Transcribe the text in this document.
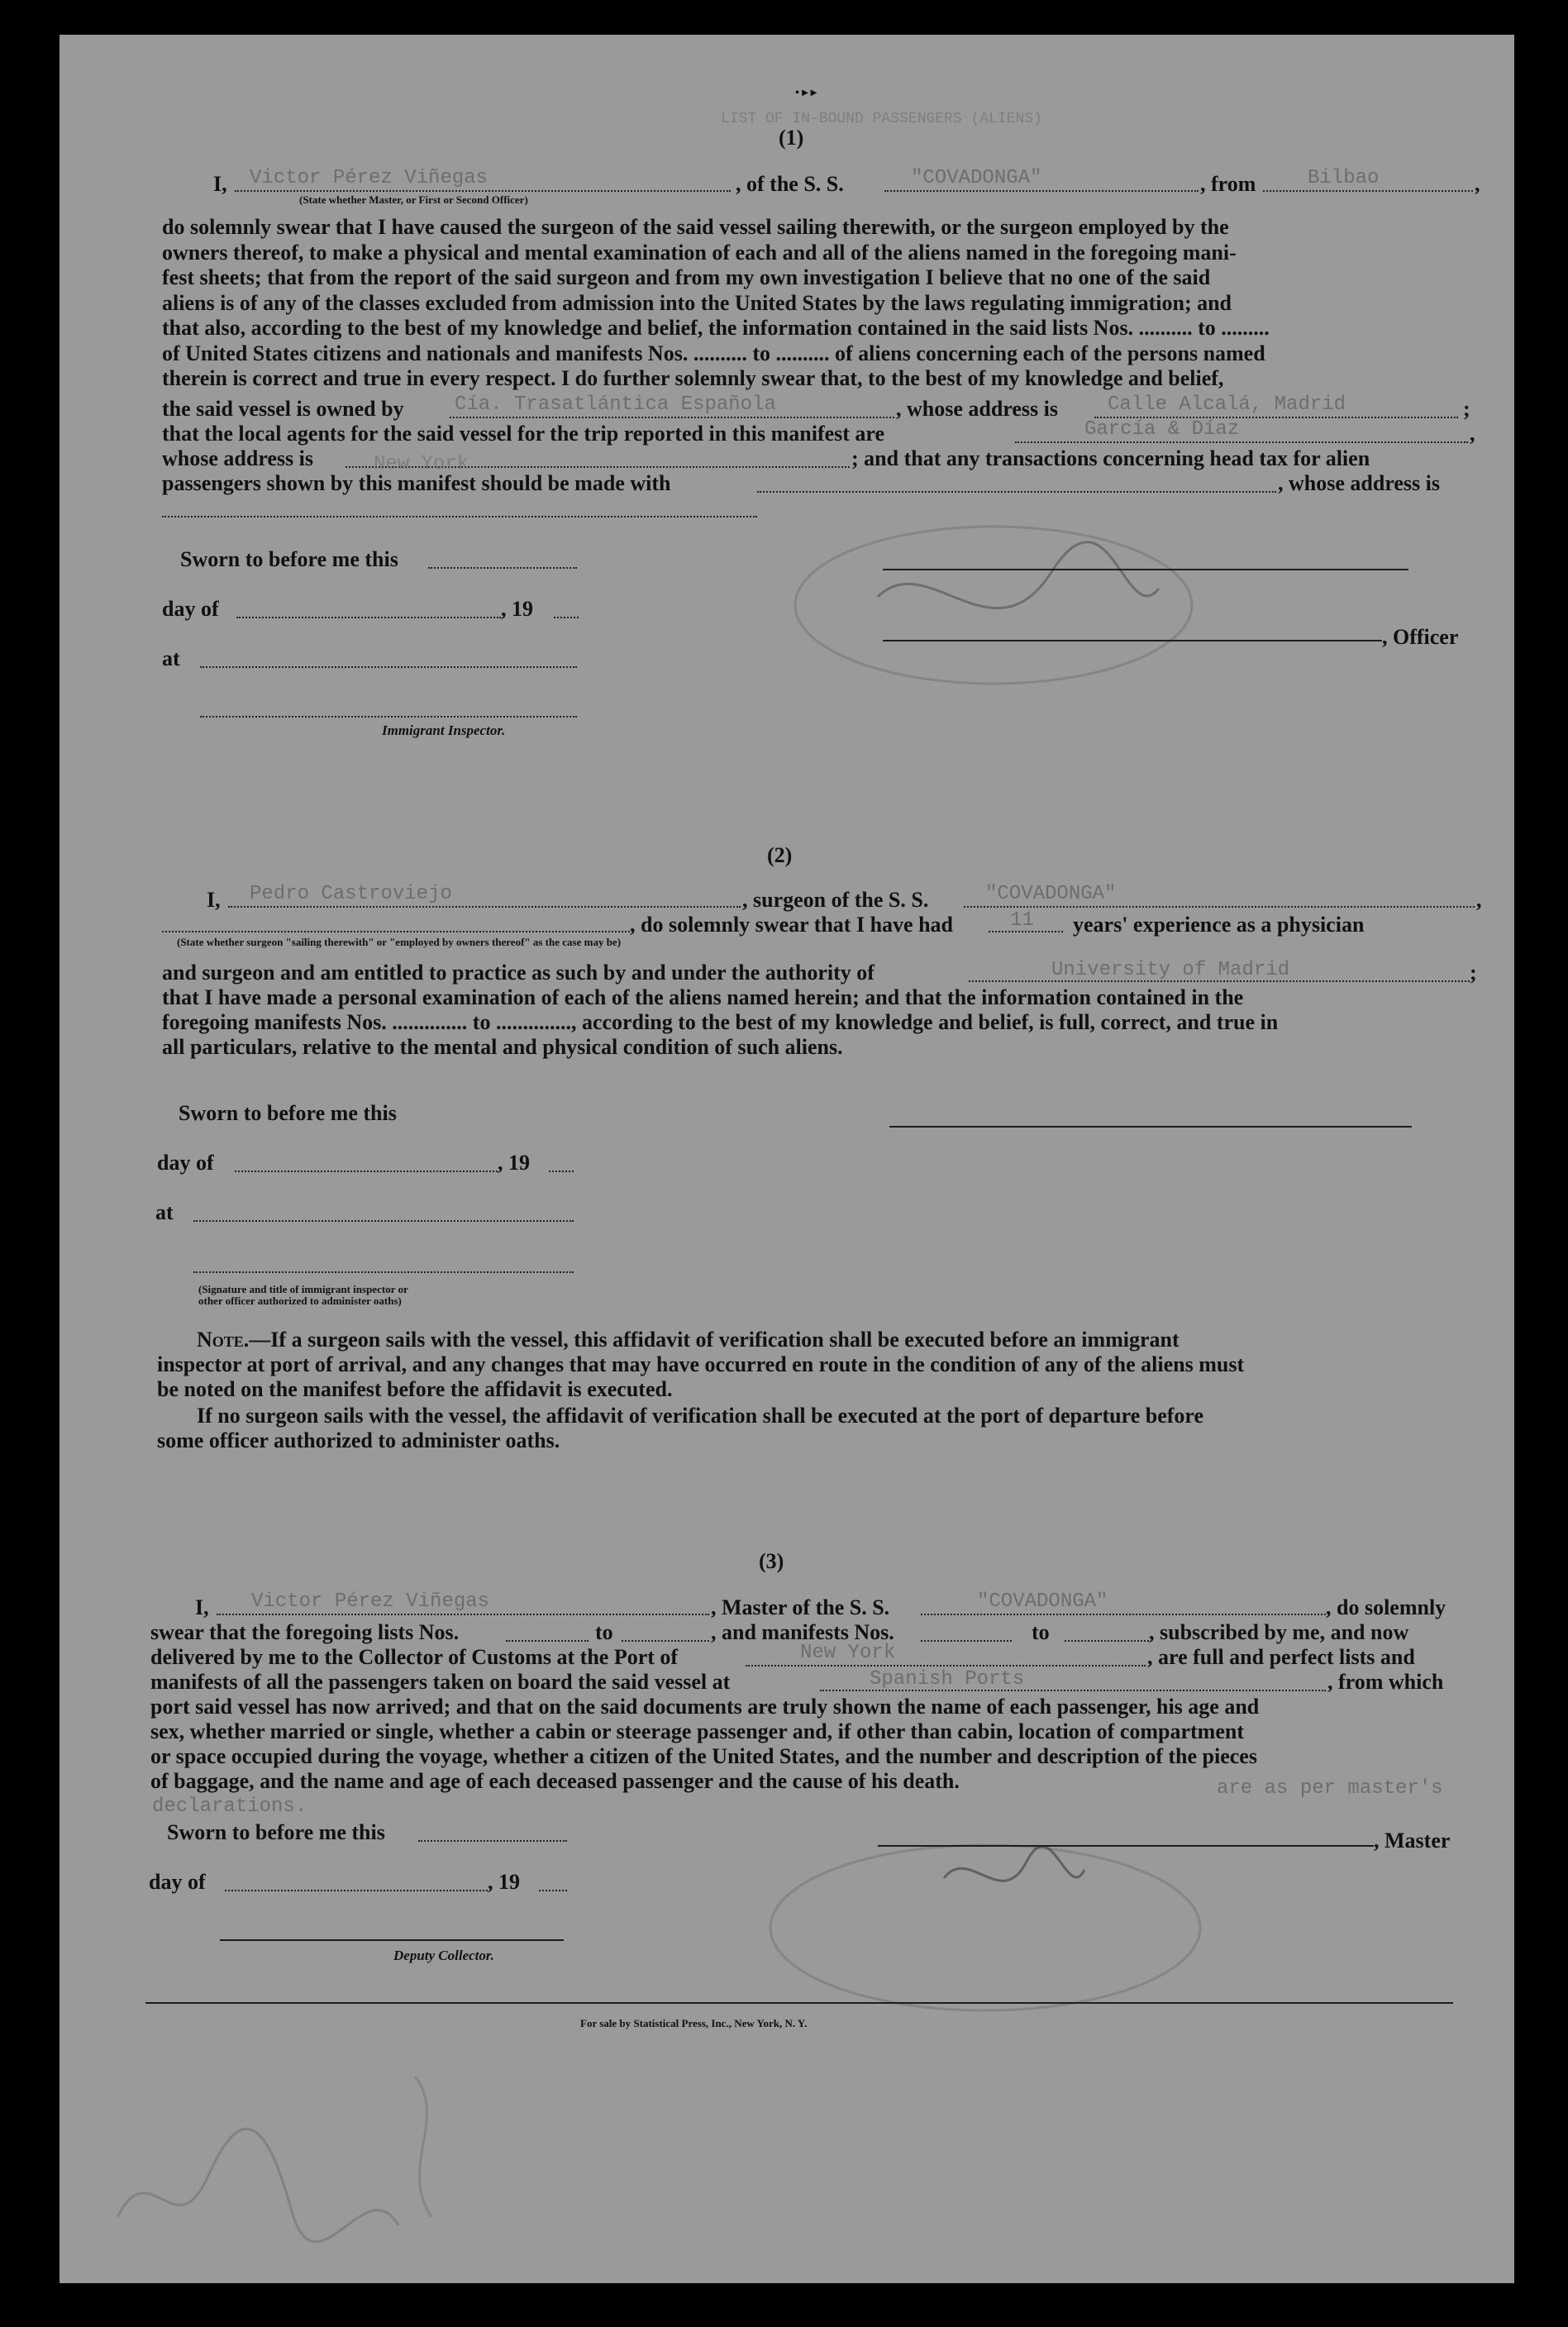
• ▸ ▸
LIST OF IN-BOUND PASSENGERS (ALIENS)
(1)
I, Victor Pérez Viñegas
(State whether Master, or First or Second Officer)
, of the S. S.	"COVADONGA"	, from	Bilbao	,
do solemnly swear that I have caused the surgeon of the said vessel sailing therewith, or the surgeon employed by the
owners thereof, to make a physical and mental examination of each and all of the aliens named in the foregoing mani-
fest sheets; that from the report of the said surgeon and from my own investigation I believe that no one of the said
aliens is of any of the classes excluded from admission into the United States by the laws regulating immigration; and
that also, according to the best of my knowledge and belief, the information contained in the said lists Nos. .......... to .........
of United States citizens and nationals and manifests Nos. .......... to .......... of aliens concerning each of the persons named
therein is correct and true in every respect. I do further solemnly swear that, to the best of my knowledge and belief,
the said vessel is owned by	Cía. Trasatlántica Española	, whose address is Calle Alcalá, Madrid	;
that the local agents for the said vessel for the trip reported in this manifest are	García & Díaz	,
whose address is	New York	; and that any transactions concerning head tax for alien
passengers shown by this manifest should be made with	, whose address is
Sworn to before me this
day of	, 19
, Officer
at
Immigrant Inspector.
(2)
I, Pedro Castroviejo	, surgeon of the S. S.	"COVADONGA"	,
, do solemnly swear that I have had	11 years' experience as a physician
(State whether surgeon "sailing therewith" or "employed by owners thereof" as the case may be)
and surgeon and am entitled to practice as such by and under the authority of	University of Madrid	;
that I have made a personal examination of each of the aliens named herein; and that the information contained in the
foregoing manifests Nos. .............. to .............., according to the best of my knowledge and belief, is full, correct, and true in
all particulars, relative to the mental and physical condition of such aliens.
Sworn to before me this
day of	, 19
at
(Signature and title of immigrant inspector or
other officer authorized to administer oaths)
Note.—If a surgeon sails with the vessel, this affidavit of verification shall be executed before an immigrant
inspector at port of arrival, and any changes that may have occurred en route in the condition of any of the aliens must
be noted on the manifest before the affidavit is executed.
If no surgeon sails with the vessel, the affidavit of verification shall be executed at the port of departure before
some officer authorized to administer oaths.
(3)
I, Victor Pérez Viñegas	, Master of the S. S.	"COVADONGA"	, do solemnly
swear that the foregoing lists Nos.	to	, and manifests Nos.	to	, subscribed by me, and now
delivered by me to the Collector of Customs at the Port of	New York	, are full and perfect lists and
manifests of all the passengers taken on board the said vessel at	Spanish Ports	, from which
port said vessel has now arrived; and that on the said documents are truly shown the name of each passenger, his age and
sex, whether married or single, whether a cabin or steerage passenger and, if other than cabin, location of compartment
or space occupied during the voyage, whether a citizen of the United States, and the number and description of the pieces
of baggage, and the name and age of each deceased passenger and the cause of his death.
declarations.
are as per master's
Sworn to before me this	, Master
day of	, 19
Deputy Collector.
For sale by Statistical Press, Inc., New York, N. Y.
